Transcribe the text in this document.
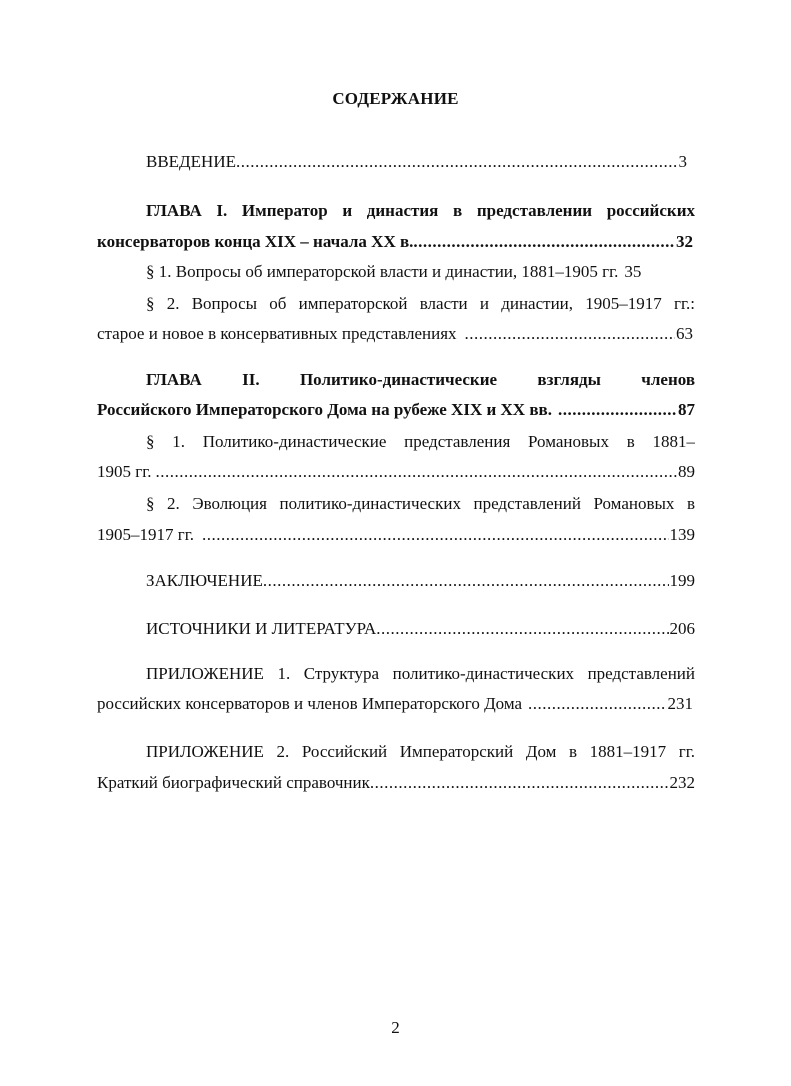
СОДЕРЖАНИЕ
ВВЕДЕНИЕ .....	3
ГЛАВА I. Император и династия в представлении российских
консерваторов конца XIX – начала XX в. .....	32
§ 1. Вопросы об императорской власти и династии, 1881–1905 гг. 35
§ 2. Вопросы об императорской власти и династии, 1905–1917 гг.:
старое и новое в консервативных представлениях .....	63
ГЛАВА II. Политико-династические взгляды членов
Российского Императорского Дома на рубеже XIX и XX вв. .....	87
§ 1. Политико-династические представления Романовых в 1881–
1905 гг. .....	89
§ 2. Эволюция политико-династических представлений Романовых в
1905–1917 гг. .....	139
ЗАКЛЮЧЕНИЕ .....	199
ИСТОЧНИКИ И ЛИТЕРАТУРА .....	206
ПРИЛОЖЕНИЕ 1. Структура политико-династических представлений
российских консерваторов и членов Императорского Дома .....	231
ПРИЛОЖЕНИЕ 2. Российский Императорский Дом в 1881–1917 гг.
Краткий биографический справочник .....	232
2
